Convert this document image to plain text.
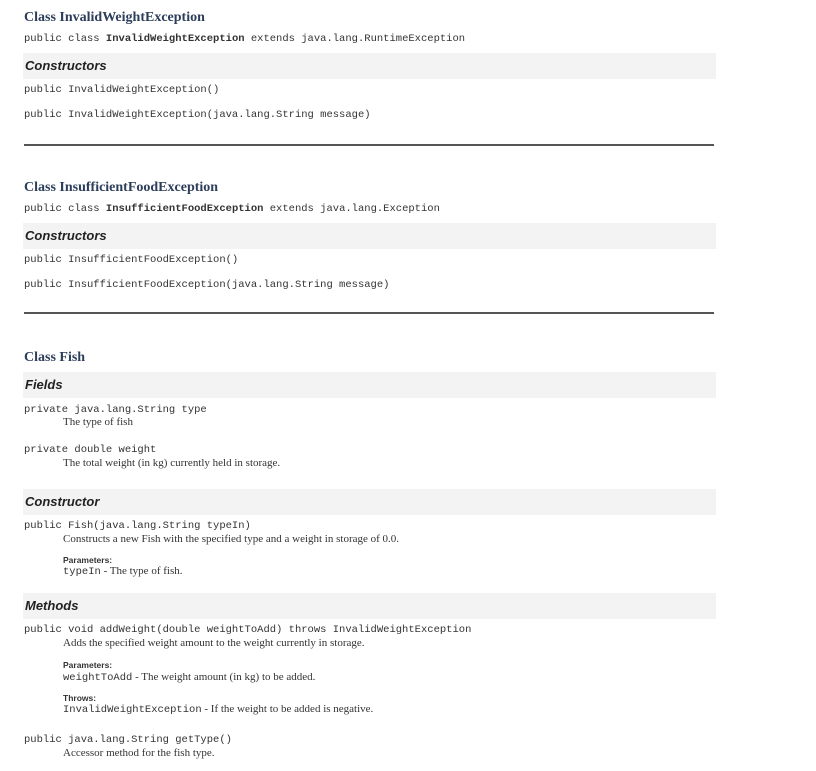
Class InvalidWeightException
public class InvalidWeightException extends java.lang.RuntimeException
Constructors
public InvalidWeightException()
public InvalidWeightException(java.lang.String message)
Class InsufficientFoodException
public class InsufficientFoodException extends java.lang.Exception
Constructors
public InsufficientFoodException()
public InsufficientFoodException(java.lang.String message)
Class Fish
Fields
private java.lang.String type
The type of fish
private double weight
The total weight (in kg) currently held in storage.
Constructor
public Fish(java.lang.String typeIn)
Constructs a new Fish with the specified type and a weight in storage of 0.0.
Parameters:
typeIn - The type of fish.
Methods
public void addWeight(double weightToAdd) throws InvalidWeightException
Adds the specified weight amount to the weight currently in storage.
Parameters:
weightToAdd - The weight amount (in kg) to be added.
Throws:
InvalidWeightException - If the weight to be added is negative.
public java.lang.String getType()
Accessor method for the fish type.
